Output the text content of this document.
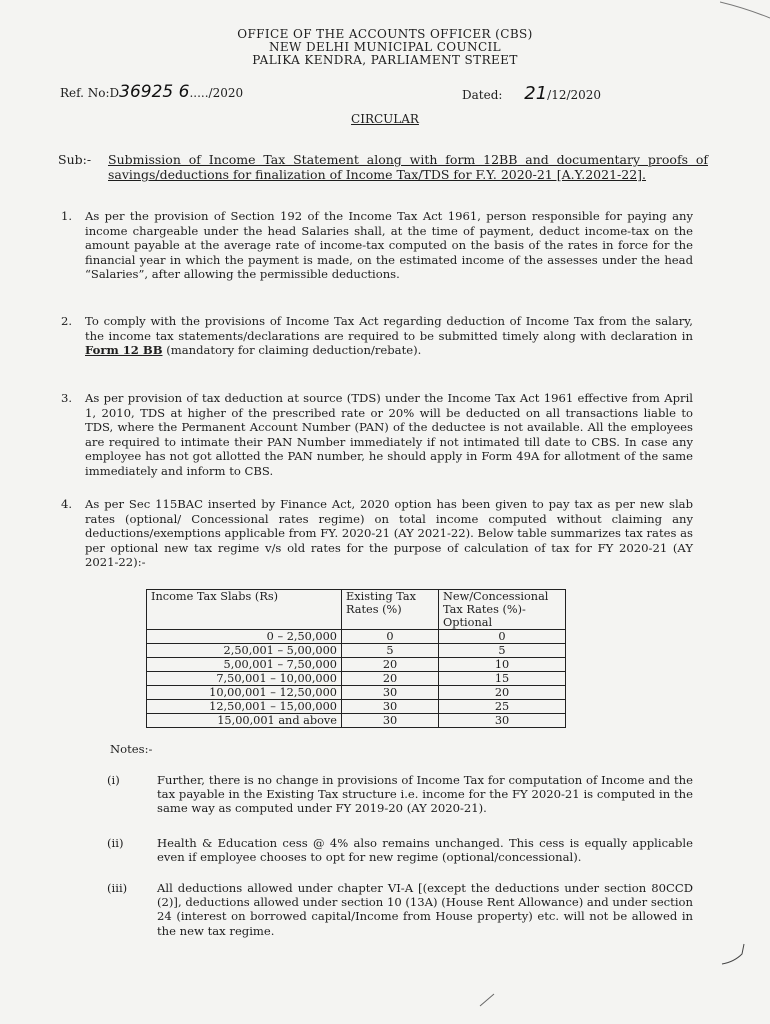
OFFICE OF THE ACCOUNTS OFFICER (CBS)
NEW DELHI MUNICIPAL COUNCIL
PALIKA KENDRA, PARLIAMENT STREET
Ref. No:D36925 6...../2020	Dated: 21/12/2020
CIRCULAR
Sub:- Submission of Income Tax Statement along with form 12BB and documentary proofs of savings/deductions for finalization of Income Tax/TDS for F.Y. 2020-21 [A.Y.2021-22].
1. As per the provision of Section 192 of the Income Tax Act 1961, person responsible for paying any income chargeable under the head Salaries shall, at the time of payment, deduct income-tax on the amount payable at the average rate of income-tax computed on the basis of the rates in force for the financial year in which the payment is made, on the estimated income of the assesses under the head “Salaries”, after allowing the permissible deductions.
2. To comply with the provisions of Income Tax Act regarding deduction of Income Tax from the salary, the income tax statements/declarations are required to be submitted timely along with declaration in Form 12 BB (mandatory for claiming deduction/rebate).
3. As per provision of tax deduction at source (TDS) under the Income Tax Act 1961 effective from April 1, 2010, TDS at higher of the prescribed rate or 20% will be deducted on all transactions liable to TDS, where the Permanent Account Number (PAN) of the deductee is not available. All the employees are required to intimate their PAN Number immediately if not intimated till date to CBS. In case any employee has not got allotted the PAN number, he should apply in Form 49A for allotment of the same immediately and inform to CBS.
4. As per Sec 115BAC inserted by Finance Act, 2020 option has been given to pay tax as per new slab rates (optional/ Concessional rates regime) on total income computed without claiming any deductions/exemptions applicable from FY. 2020-21 (AY 2021-22). Below table summarizes tax rates as per optional new tax regime v/s old rates for the purpose of calculation of tax for FY 2020-21 (AY 2021-22):-
Income Tax Slabs (Rs)	Existing Tax Rates (%)	New/Concessional Tax Rates (%)-Optional
0 – 2,50,000	0	0
2,50,001 – 5,00,000	5	5
5,00,001 – 7,50,000	20	10
7,50,001 – 10,00,000	20	15
10,00,001 – 12,50,000	30	20
12,50,001 – 15,00,000	30	25
15,00,001 and above	30	30
Notes:-
(i)	Further, there is no change in provisions of Income Tax for computation of Income and the tax payable in the Existing Tax structure i.e. income for the FY 2020-21 is computed in the same way as computed under FY 2019-20 (AY 2020-21).
(ii)	Health & Education cess @ 4% also remains unchanged. This cess is equally applicable even if employee chooses to opt for new regime (optional/concessional).
(iii)	All deductions allowed under chapter VI-A [(except the deductions under section 80CCD (2)], deductions allowed under section 10 (13A) (House Rent Allowance) and under section 24 (interest on borrowed capital/Income from House property) etc. will not be allowed in the new tax regime.
